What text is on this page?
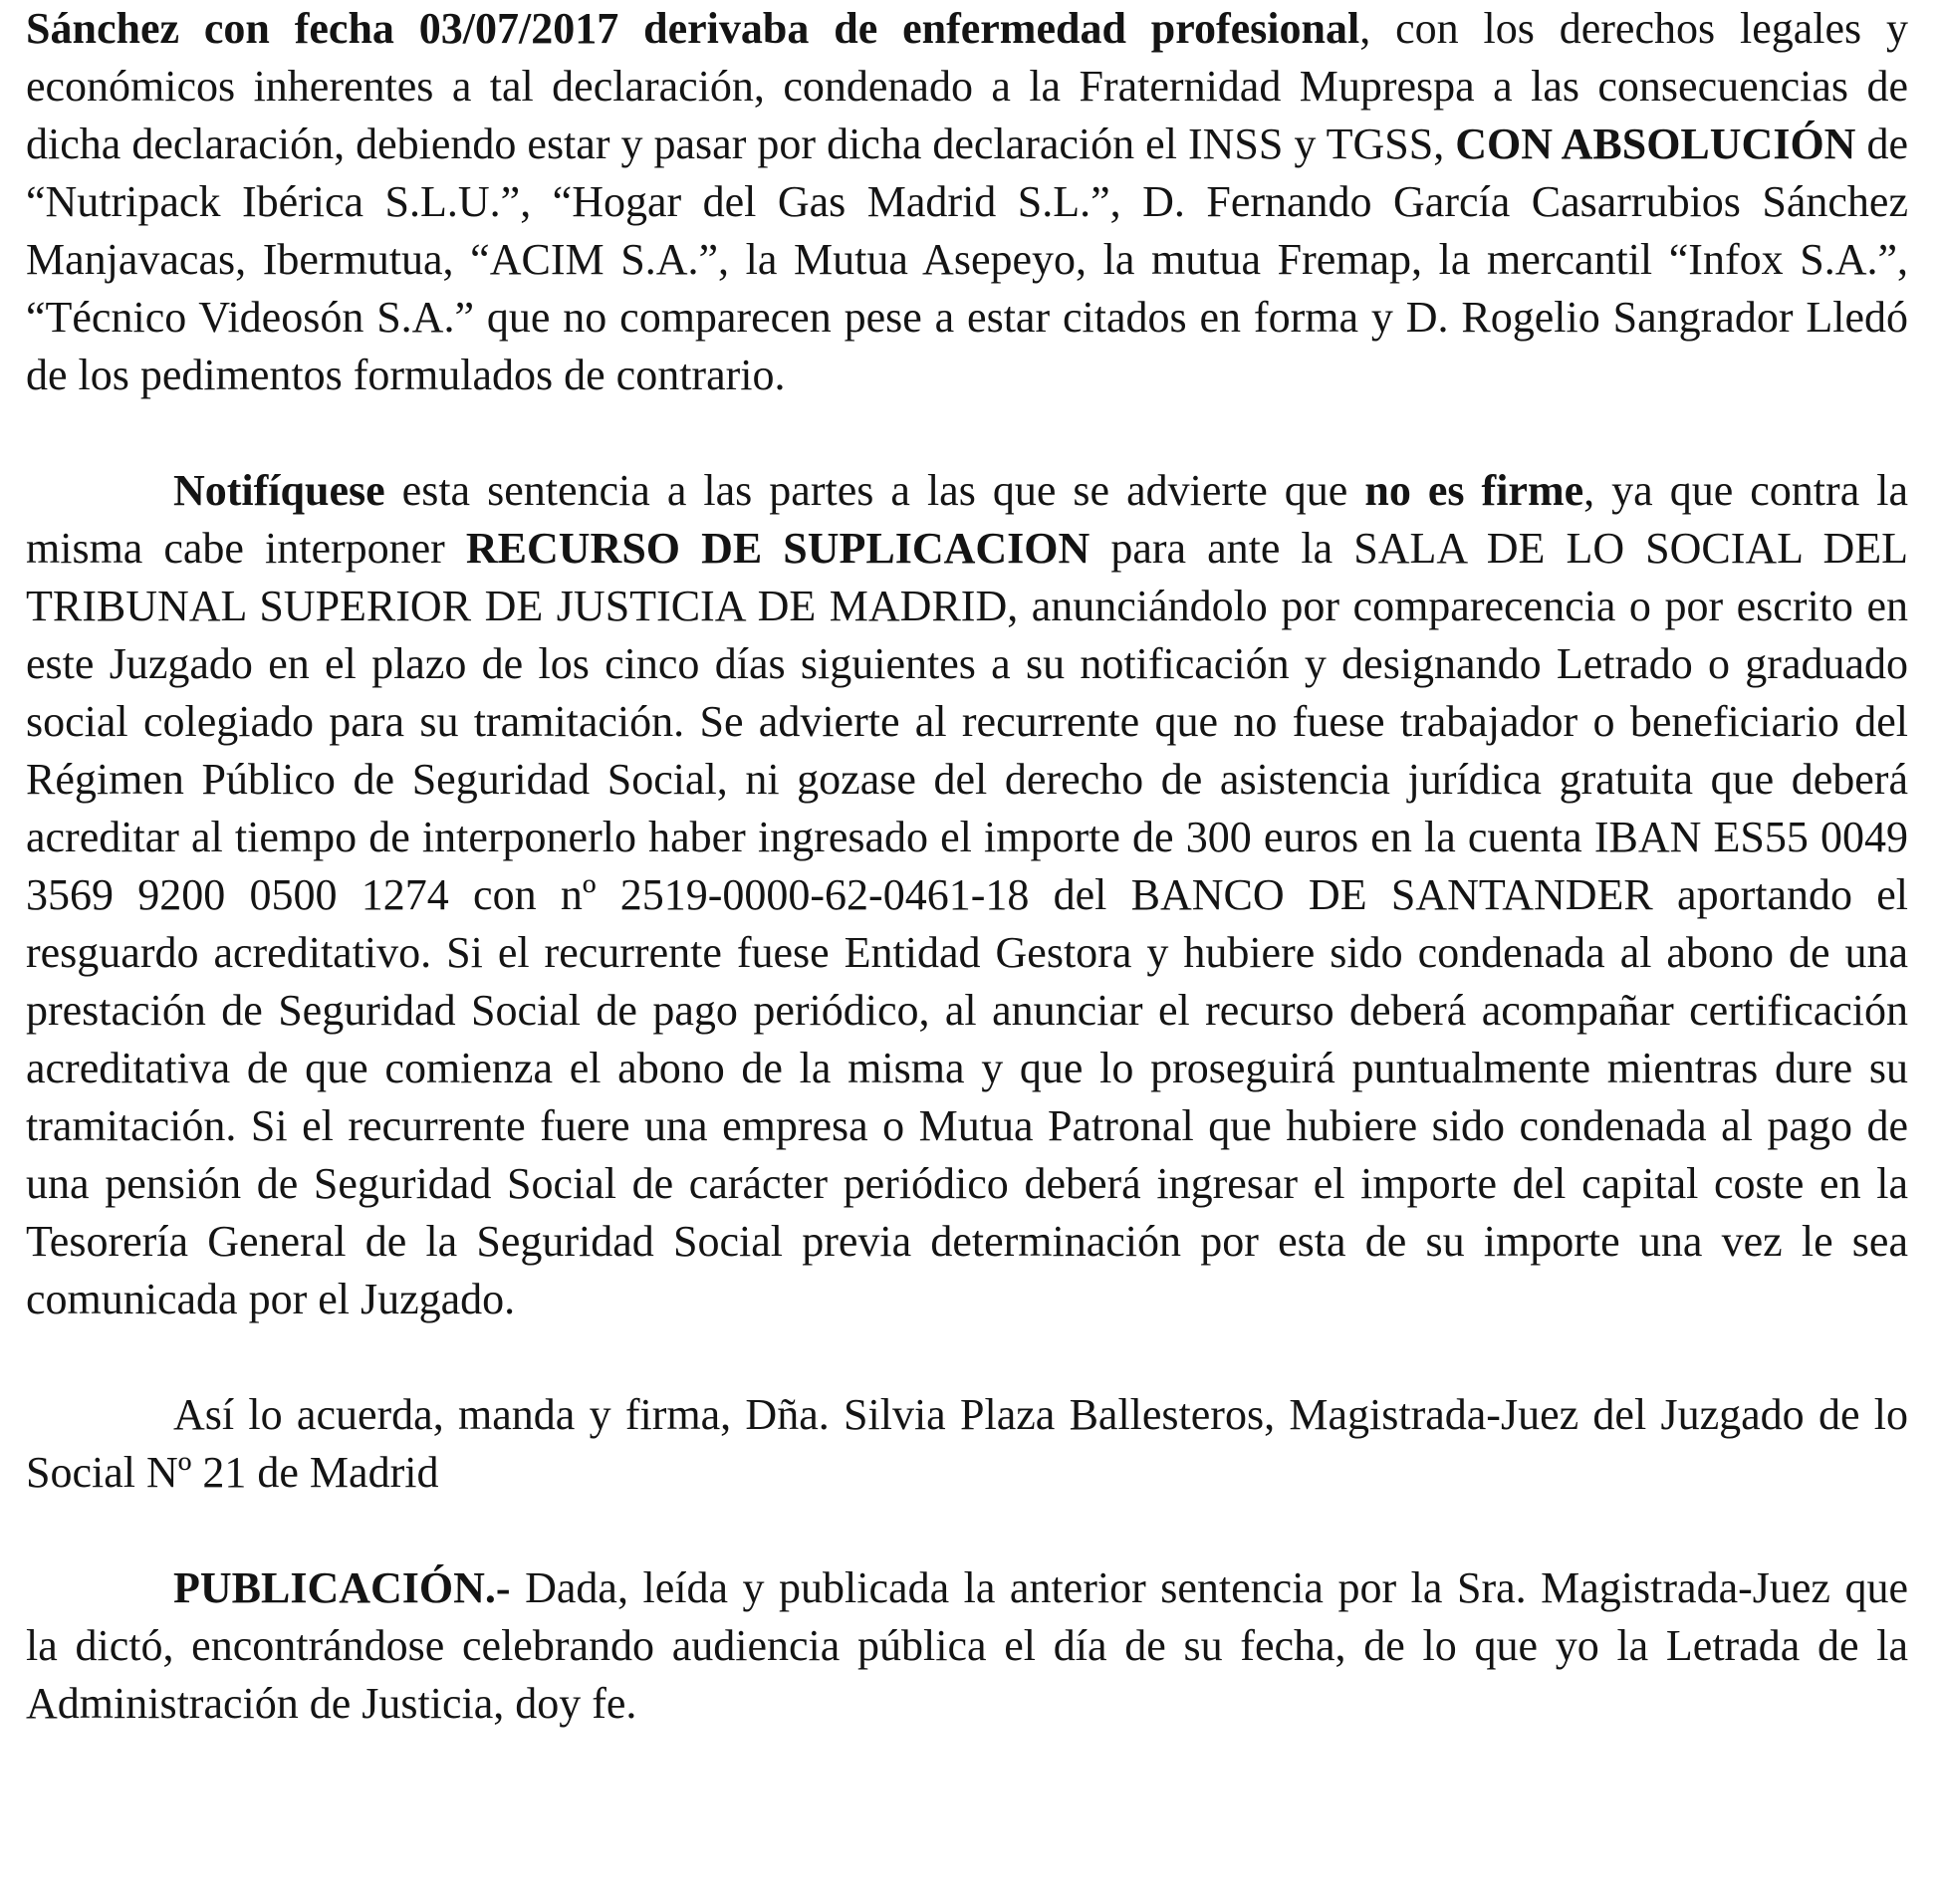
Sánchez con fecha 03/07/2017 derivaba de enfermedad profesional, con los derechos legales y económicos inherentes a tal declaración, condenado a la Fraternidad Muprespa a las consecuencias de dicha declaración, debiendo estar y pasar por dicha declaración el INSS y TGSS, CON ABSOLUCIÓN de “Nutripack Ibérica S.L.U.”, “Hogar del Gas Madrid S.L.”, D. Fernando García Casarrubios Sánchez Manjavacas, Ibermutua, “ACIM S.A.”, la Mutua Asepeyo, la mutua Fremap, la mercantil “Infox S.A.”, “Técnico Videosón S.A.” que no comparecen pese a estar citados en forma y D. Rogelio Sangrador Lledó de los pedimentos formulados de contrario.

Notifíquese esta sentencia a las partes a las que se advierte que no es firme, ya que contra la misma cabe interponer RECURSO DE SUPLICACION para ante la SALA DE LO SOCIAL DEL TRIBUNAL SUPERIOR DE JUSTICIA DE MADRID, anunciándolo por comparecencia o por escrito en este Juzgado en el plazo de los cinco días siguientes a su notificación y designando Letrado o graduado social colegiado para su tramitación. Se advierte al recurrente que no fuese trabajador o beneficiario del Régimen Público de Seguridad Social, ni gozase del derecho de asistencia jurídica gratuita que deberá acreditar al tiempo de interponerlo haber ingresado el importe de 300 euros en la cuenta IBAN ES55 0049 3569 9200 0500 1274 con nº 2519-0000-62-0461-18 del BANCO DE SANTANDER aportando el resguardo acreditativo. Si el recurrente fuese Entidad Gestora y hubiere sido condenada al abono de una prestación de Seguridad Social de pago periódico, al anunciar el recurso deberá acompañar certificación acreditativa de que comienza el abono de la misma y que lo proseguirá puntualmente mientras dure su tramitación. Si el recurrente fuere una empresa o Mutua Patronal que hubiere sido condenada al pago de una pensión de Seguridad Social de carácter periódico deberá ingresar el importe del capital coste en la Tesorería General de la Seguridad Social previa determinación por esta de su importe una vez le sea comunicada por el Juzgado.

Así lo acuerda, manda y firma, Dña. Silvia Plaza Ballesteros, Magistrada-Juez del Juzgado de lo Social Nº 21 de Madrid

PUBLICACIÓN.- Dada, leída y publicada la anterior sentencia por la Sra. Magistrada-Juez que la dictó, encontrándose celebrando audiencia pública el día de su fecha, de lo que yo la Letrada de la Administración de Justicia, doy fe.
